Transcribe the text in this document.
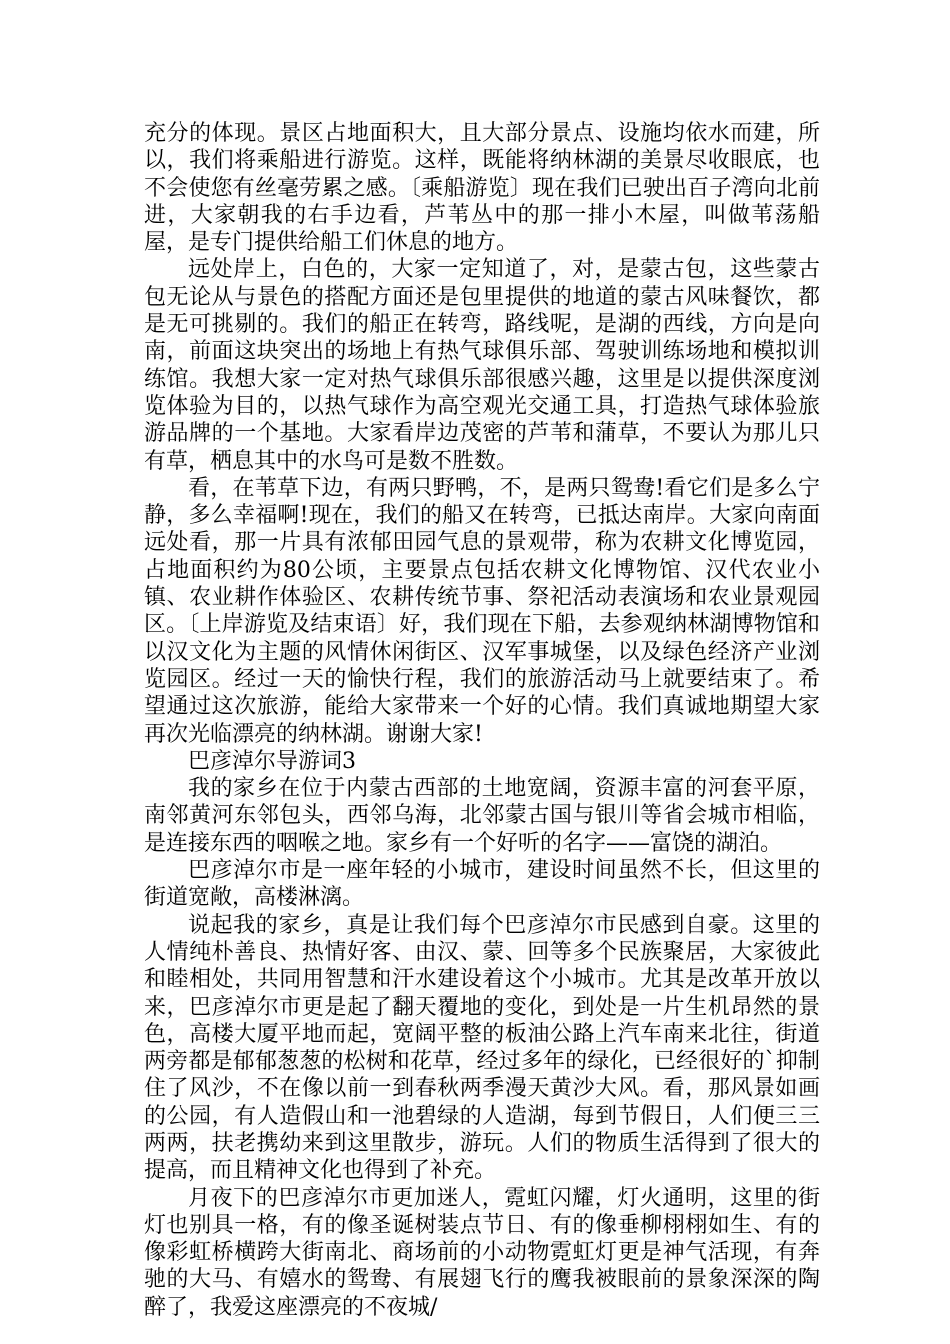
充分的体现。景区占地面积大，且大部分景点、设施均依水而建，所以，我们将乘船进行游览。这样，既能将纳林湖的美景尽收眼底，也不会使您有丝毫劳累之感。〔乘船游览〕现在我们已驶出百子湾向北前进，大家朝我的右手边看，芦苇丛中的那一排小木屋，叫做苇荡船屋，是专门提供给船工们休息的地方。

远处岸上，白色的，大家一定知道了，对，是蒙古包，这些蒙古包无论从与景色的搭配方面还是包里提供的地道的蒙古风味餐饮，都是无可挑剔的。我们的船正在转弯，路线呢，是湖的西线，方向是向南，前面这块突出的场地上有热气球俱乐部、驾驶训练场地和模拟训练馆。我想大家一定对热气球俱乐部很感兴趣，这里是以提供深度浏览体验为目的，以热气球作为高空观光交通工具，打造热气球体验旅游品牌的一个基地。大家看岸边茂密的芦苇和蒲草，不要认为那儿只有草，栖息其中的水鸟可是数不胜数。

看，在苇草下边，有两只野鸭，不，是两只鸳鸯!看它们是多么宁静，多么幸福啊!现在，我们的船又在转弯，已抵达南岸。大家向南面远处看，那一片具有浓郁田园气息的景观带，称为农耕文化博览园，占地面积约为80公顷，主要景点包括农耕文化博物馆、汉代农业小镇、农业耕作体验区、农耕传统节事、祭祀活动表演场和农业景观园区。〔上岸游览及结束语〕好，我们现在下船，去参观纳林湖博物馆和以汉文化为主题的风情休闲街区、汉军事城堡，以及绿色经济产业浏览园区。经过一天的愉快行程，我们的旅游活动马上就要结束了。希望通过这次旅游，能给大家带来一个好的心情。我们真诚地期望大家再次光临漂亮的纳林湖。谢谢大家!

巴彦淖尔导游词3

我的家乡在位于内蒙古西部的土地宽阔，资源丰富的河套平原，南邻黄河东邻包头，西邻乌海，北邻蒙古国与银川等省会城市相临，是连接东西的咽喉之地。家乡有一个好听的名字——富饶的湖泊。

巴彦淖尔市是一座年轻的小城市，建设时间虽然不长，但这里的街道宽敞，高楼淋漓。

说起我的家乡，真是让我们每个巴彦淖尔市民感到自豪。这里的人情纯朴善良、热情好客、由汉、蒙、回等多个民族聚居，大家彼此和睦相处，共同用智慧和汗水建设着这个小城市。尤其是改革开放以来，巴彦淖尔市更是起了翻天覆地的变化，到处是一片生机昂然的景色，高楼大厦平地而起，宽阔平整的板油公路上汽车南来北往，街道两旁都是郁郁葱葱的松树和花草，经过多年的绿化，已经很好的`抑制住了风沙，不在像以前一到春秋两季漫天黄沙大风。看，那风景如画的公园，有人造假山和一池碧绿的人造湖，每到节假日，人们便三三两两，扶老携幼来到这里散步，游玩。人们的物质生活得到了很大的提高，而且精神文化也得到了补充。

月夜下的巴彦淖尔市更加迷人，霓虹闪耀，灯火通明，这里的街灯也别具一格，有的像圣诞树装点节日、有的像垂柳栩栩如生、有的像彩虹桥横跨大街南北、商场前的小动物霓虹灯更是神气活现，有奔驰的大马、有嬉水的鸳鸯、有展翅飞行的鹰我被眼前的景象深深的陶醉了，我爱这座漂亮的不夜城/
